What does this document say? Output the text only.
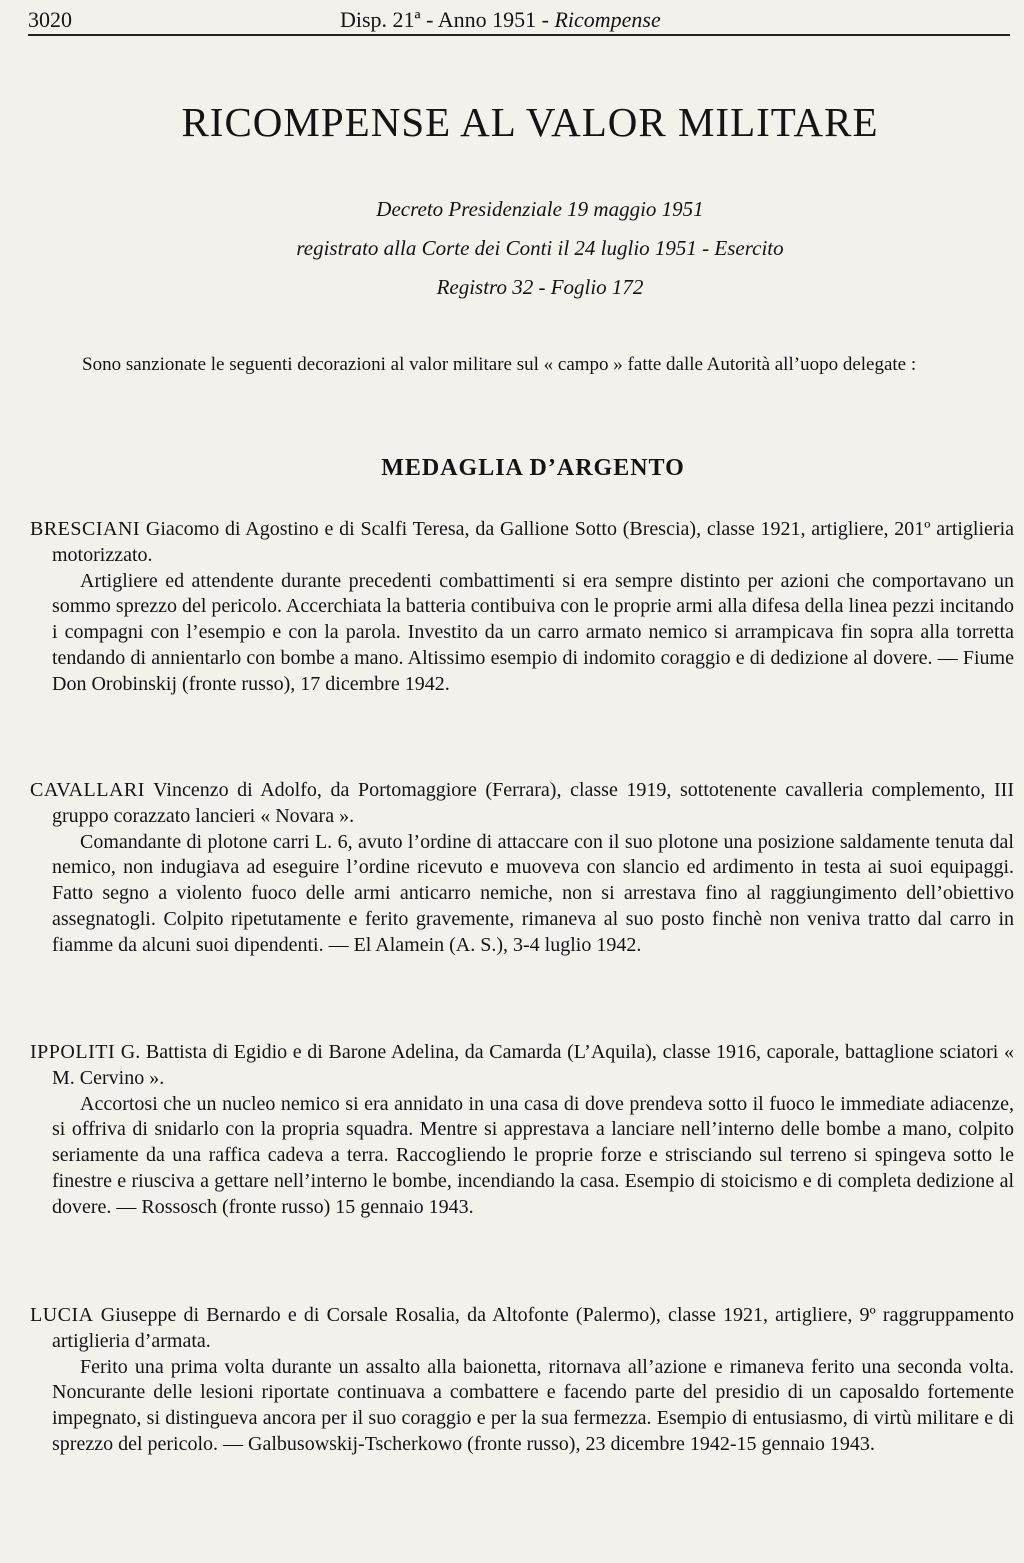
3020	Disp. 21ª - Anno 1951 - Ricompense
RICOMPENSE AL VALOR MILITARE
Decreto Presidenziale 19 maggio 1951
registrato alla Corte dei Conti il 24 luglio 1951 - Esercito
Registro 32 - Foglio 172

Sono sanzionate le seguenti decorazioni al valor militare sul « campo » fatte dalle Autorità all’uopo delegate :

MEDAGLIA D’ARGENTO

BRESCIANI Giacomo di Agostino e di Scalfi Teresa, da Gallione Sotto (Brescia), classe 1921, artigliere, 201º artiglieria motorizzato.

Artigliere ed attendente durante precedenti combattimenti si era sempre distinto per azioni che comportavano un sommo sprezzo del pericolo. Accerchiata la batteria contibuiva con le proprie armi alla difesa della linea pezzi incitando i compagni con l’esempio e con la parola. Investito da un carro armato nemico si arrampicava fin sopra alla torretta tendando di annientarlo con bombe a mano. Altissimo esempio di indomito coraggio e di dedizione al dovere. — Fiume Don Orobinskij (fronte russo), 17 dicembre 1942.

CAVALLARI Vincenzo di Adolfo, da Portomaggiore (Ferrara), classe 1919, sottotenente cavalleria complemento, III gruppo corazzato lancieri « Novara ».

Comandante di plotone carri L. 6, avuto l’ordine di attaccare con il suo plotone una posizione saldamente tenuta dal nemico, non indugiava ad eseguire l’ordine ricevuto e muoveva con slancio ed ardimento in testa ai suoi equipaggi. Fatto segno a violento fuoco delle armi anticarro nemiche, non si arrestava fino al raggiungimento dell’obiettivo assegnatogli. Colpito ripetutamente e ferito gravemente, rimaneva al suo posto finchè non veniva tratto dal carro in fiamme da alcuni suoi dipendenti. — El Alamein (A. S.), 3-4 luglio 1942.

IPPOLITI G. Battista di Egidio e di Barone Adelina, da Camarda (L’Aquila), classe 1916, caporale, battaglione sciatori « M. Cervino ».

Accortosi che un nucleo nemico si era annidato in una casa di dove prendeva sotto il fuoco le immediate adiacenze, si offriva di snidarlo con la propria squadra. Mentre si apprestava a lanciare nell’interno delle bombe a mano, colpito seriamente da una raffica cadeva a terra. Raccogliendo le proprie forze e strisciando sul terreno si spingeva sotto le finestre e riusciva a gettare nell’interno le bombe, incendiando la casa. Esempio di stoicismo e di completa dedizione al dovere. — Rossosch (fronte russo) 15 gennaio 1943.

LUCIA Giuseppe di Bernardo e di Corsale Rosalia, da Altofonte (Palermo), classe 1921, artigliere, 9º raggruppamento artiglieria d’armata.

Ferito una prima volta durante un assalto alla baionetta, ritornava all’azione e rimaneva ferito una seconda volta. Noncurante delle lesioni riportate continuava a combattere e facendo parte del presidio di un caposaldo fortemente impegnato, si distingueva ancora per il suo coraggio e per la sua fermezza. Esempio di entusiasmo, di virtù militare e di sprezzo del pericolo. — Galbusowskij-Tscherkowo (fronte russo), 23 dicembre 1942-15 gennaio 1943.
